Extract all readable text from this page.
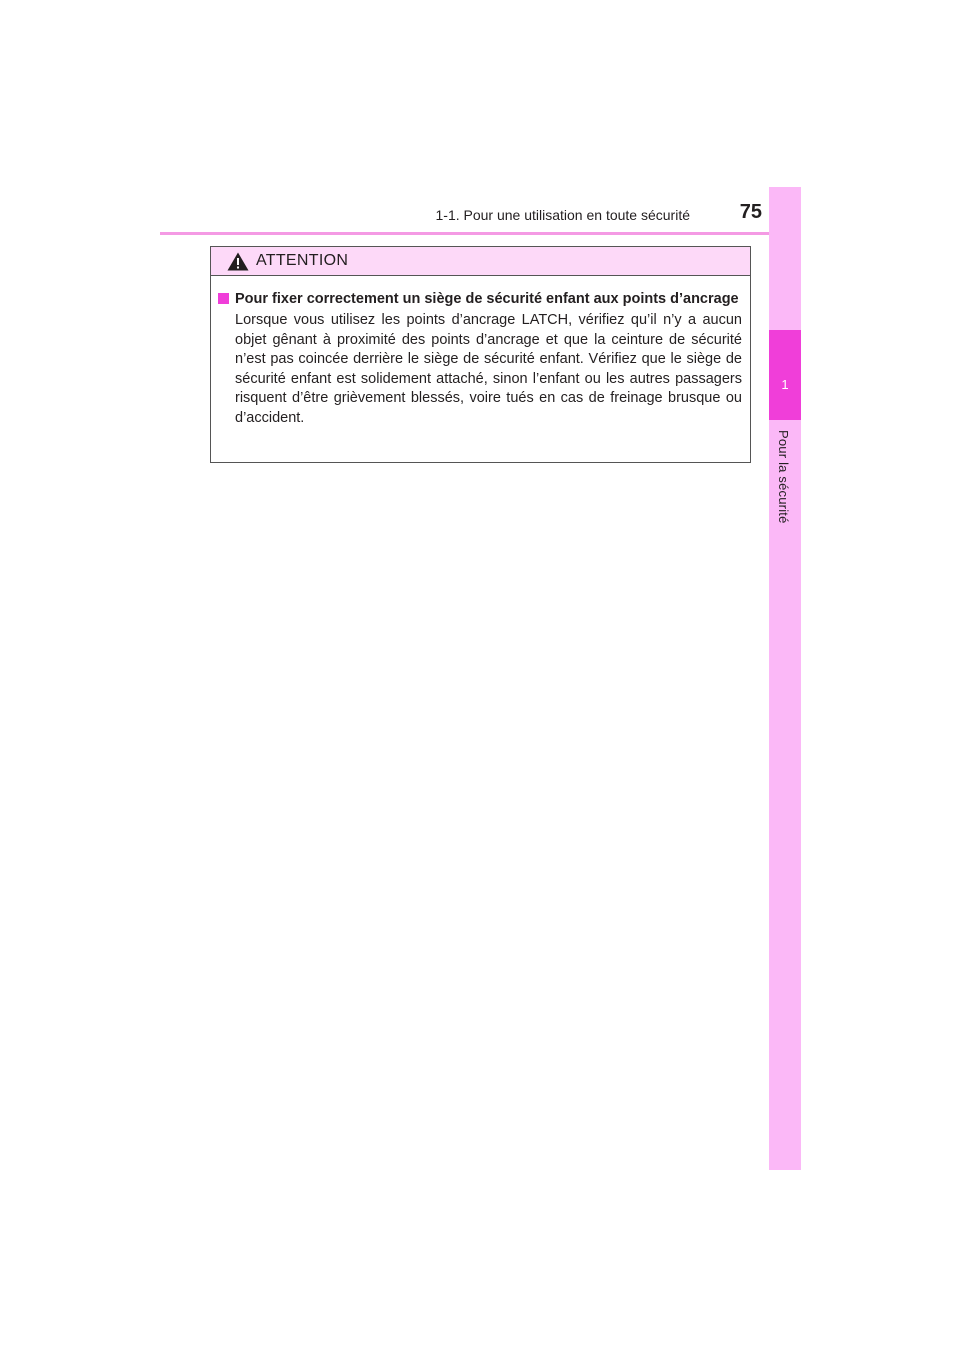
1-1. Pour une utilisation en toute sécurité	75
1
Pour la sécurité
ATTENTION
Pour fixer correctement un siège de sécurité enfant aux points d’ancrage
Lorsque vous utilisez les points d’ancrage LATCH, vérifiez qu’il n’y a aucun objet gênant à proximité des points d’ancrage et que la ceinture de sécurité n’est pas coincée derrière le siège de sécurité enfant. Vérifiez que le siège de sécurité enfant est solidement attaché, sinon l’enfant ou les autres passagers risquent d’être grièvement blessés, voire tués en cas de freinage brusque ou d’accident.
